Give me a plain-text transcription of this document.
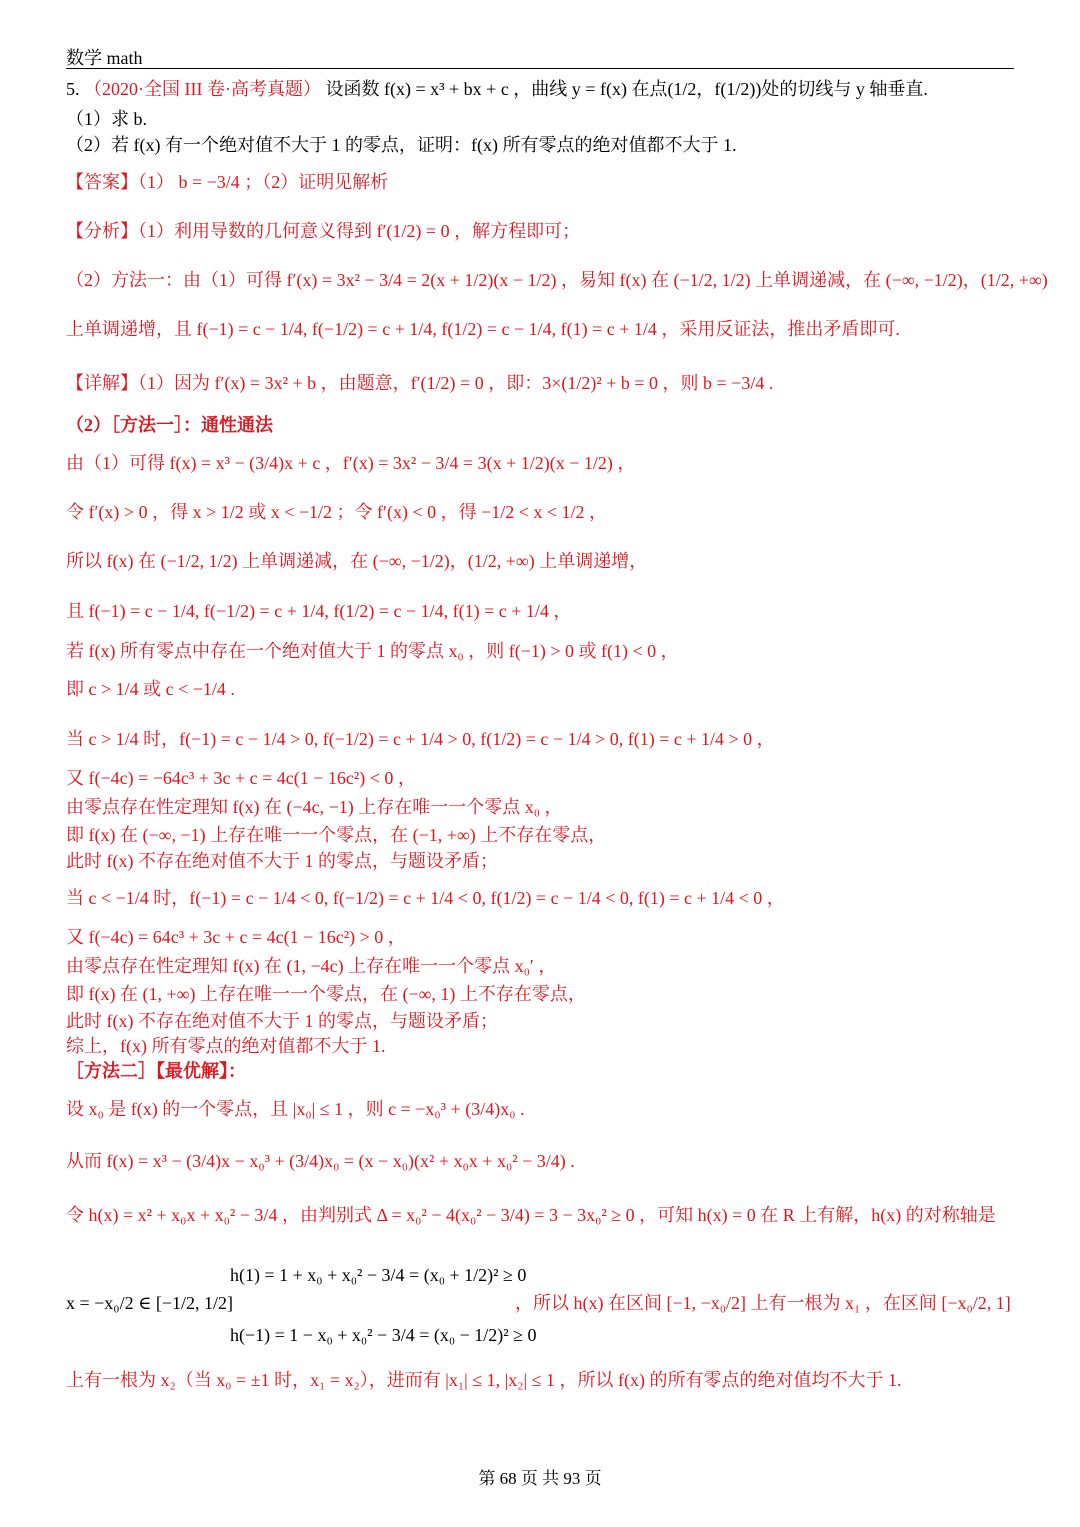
数学 math
5. （2020·全国 III 卷·高考真题） 设函数 f(x) = x³ + bx + c ，曲线 y = f(x) 在点(1/2，f(1/2))处的切线与 y 轴垂直.
（1）求 b.
（2）若 f(x) 有一个绝对值不大于 1 的零点，证明：f(x) 所有零点的绝对值都不大于 1.
【答案】（1） b = −3/4 ；（2）证明见解析
【分析】（1）利用导数的几何意义得到 f′(1/2) = 0 ，解方程即可；
（2）方法一：由（1）可得 f′(x) = 3x² − 3/4 = 2(x + 1/2)(x − 1/2) ，易知 f(x) 在 (−1/2, 1/2) 上单调递减，在 (−∞, −1/2)，(1/2, +∞)
上单调递增，且 f(−1) = c − 1/4, f(−1/2) = c + 1/4, f(1/2) = c − 1/4, f(1) = c + 1/4 ，采用反证法，推出矛盾即可.
【详解】（1）因为 f′(x) = 3x² + b ，由题意，f′(1/2) = 0 ，即：3×(1/2)² + b = 0 ，则 b = −3/4 .
（2）［方法一］：通性通法
由（1）可得 f(x) = x³ − (3/4)x + c ，f′(x) = 3x² − 3/4 = 3(x + 1/2)(x − 1/2) ，
令 f′(x) > 0 ，得 x > 1/2 或 x < −1/2 ；令 f′(x) < 0 ，得 −1/2 < x < 1/2 ，
所以 f(x) 在 (−1/2, 1/2) 上单调递减，在 (−∞, −1/2)，(1/2, +∞) 上单调递增，
且 f(−1) = c − 1/4, f(−1/2) = c + 1/4, f(1/2) = c − 1/4, f(1) = c + 1/4 ，
若 f(x) 所有零点中存在一个绝对值大于 1 的零点 x₀ ，则 f(−1) > 0 或 f(1) < 0 ，
即 c > 1/4 或 c < −1/4 .
当 c > 1/4 时，f(−1) = c − 1/4 > 0, f(−1/2) = c + 1/4 > 0, f(1/2) = c − 1/4 > 0, f(1) = c + 1/4 > 0 ，
又 f(−4c) = −64c³ + 3c + c = 4c(1 − 16c²) < 0 ，
由零点存在性定理知 f(x) 在 (−4c, −1) 上存在唯一一个零点 x₀ ，
即 f(x) 在 (−∞, −1) 上存在唯一一个零点，在 (−1, +∞) 上不存在零点，
此时 f(x) 不存在绝对值不大于 1 的零点，与题设矛盾；
当 c < −1/4 时，f(−1) = c − 1/4 < 0, f(−1/2) = c + 1/4 < 0, f(1/2) = c − 1/4 < 0, f(1) = c + 1/4 < 0 ，
又 f(−4c) = 64c³ + 3c + c = 4c(1 − 16c²) > 0 ，
由零点存在性定理知 f(x) 在 (1, −4c) 上存在唯一一个零点 x₀′ ，
即 f(x) 在 (1, +∞) 上存在唯一一个零点，在 (−∞, 1) 上不存在零点，
此时 f(x) 不存在绝对值不大于 1 的零点，与题设矛盾；
综上，f(x) 所有零点的绝对值都不大于 1.
［方法二］【最优解】：
设 x₀ 是 f(x) 的一个零点，且 |x₀| ≤ 1 ，则 c = −x₀³ + (3/4)x₀ .
从而 f(x) = x³ − (3/4)x − x₀³ + (3/4)x₀ = (x − x₀)(x² + x₀x + x₀² − 3/4) .
令 h(x) = x² + x₀x + x₀² − 3/4 ，由判别式 Δ = x₀² − 4(x₀² − 3/4) = 3 − 3x₀² ≥ 0 ，可知 h(x) = 0 在 R 上有解，h(x) 的对称轴是
x = −x₀/2 ∈ [−1/2, 1/2]
h(1) = 1 + x₀ + x₀² − 3/4 = (x₀ + 1/2)² ≥ 0
h(−1) = 1 − x₀ + x₀² − 3/4 = (x₀ − 1/2)² ≥ 0
，所以 h(x) 在区间 [−1, −x₀/2] 上有一根为 x₁ ，在区间 [−x₀/2, 1]
上有一根为 x₂（当 x₀ = ±1 时，x₁ = x₂），进而有 |x₁| ≤ 1, |x₂| ≤ 1 ，所以 f(x) 的所有零点的绝对值均不大于 1.
第 68 页 共 93 页
